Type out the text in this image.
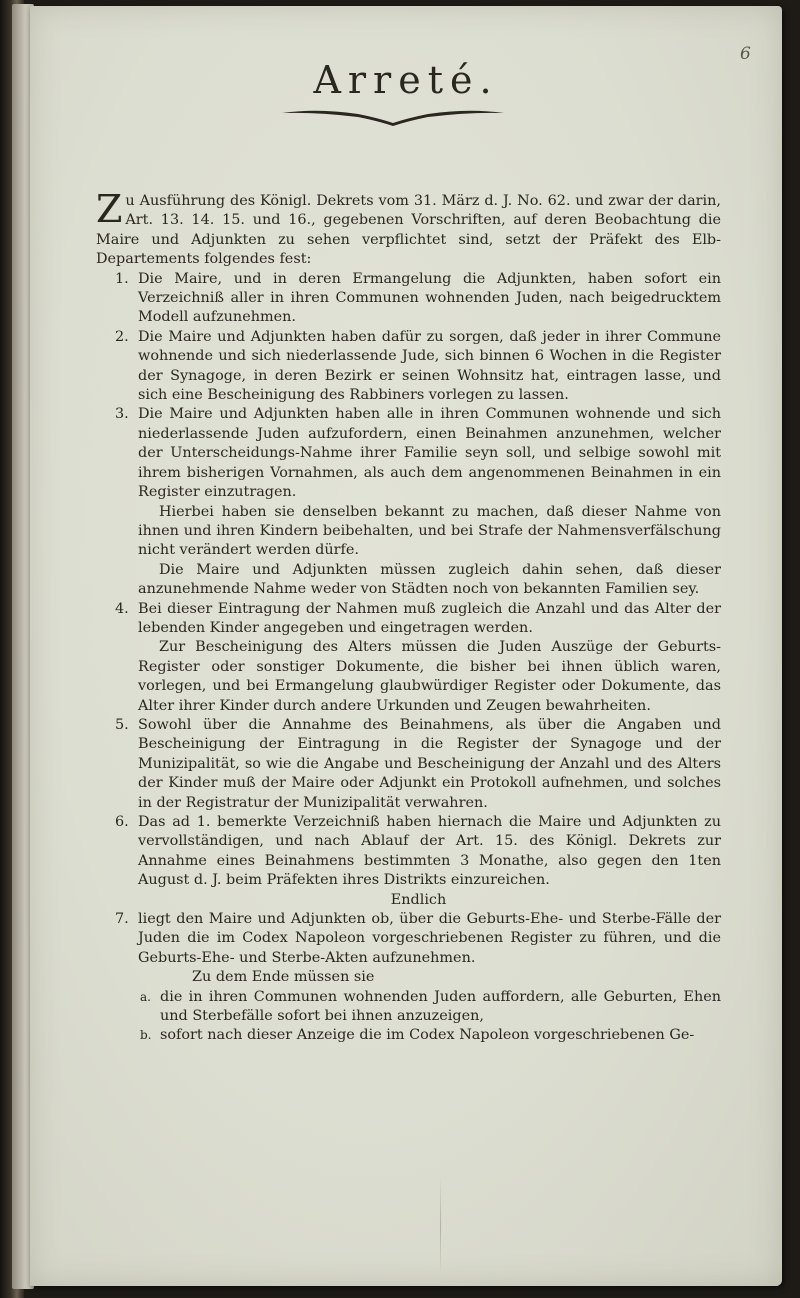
6
Arreté.

Zu Ausführung des Königl. Dekrets vom 31. März d. J. No. 62. und zwar der darin, Art. 13. 14. 15. und 16., gegebenen Vorschriften, auf deren Beobachtung die Maire und Adjunkten zu sehen verpflichtet sind, setzt der Präfekt des Elb-Departements folgendes fest:

1. Die Maire, und in deren Ermangelung die Adjunkten, haben sofort ein Verzeichniß aller in ihren Communen wohnenden Juden, nach beigedrucktem Modell aufzunehmen.

2. Die Maire und Adjunkten haben dafür zu sorgen, daß jeder in ihrer Commune wohnende und sich niederlassende Jude, sich binnen 6 Wochen in die Register der Synagoge, in deren Bezirk er seinen Wohnsitz hat, eintragen lasse, und sich eine Bescheinigung des Rabbiners vorlegen zu lassen.

3. Die Maire und Adjunkten haben alle in ihren Communen wohnende und sich niederlassende Juden aufzufordern, einen Beinahmen anzunehmen, welcher der Unterscheidungs-Nahme ihrer Familie seyn soll, und selbige sowohl mit ihrem bisherigen Vornahmen, als auch dem angenommenen Beinahmen in ein Register einzutragen.

Hierbei haben sie denselben bekannt zu machen, daß dieser Nahme von ihnen und ihren Kindern beibehalten, und bei Strafe der Nahmensverfälschung nicht verändert werden dürfe.

Die Maire und Adjunkten müssen zugleich dahin sehen, daß dieser anzunehmende Nahme weder von Städten noch von bekannten Familien sey.

4. Bei dieser Eintragung der Nahmen muß zugleich die Anzahl und das Alter der lebenden Kinder angegeben und eingetragen werden.

Zur Bescheinigung des Alters müssen die Juden Auszüge der Geburts-Register oder sonstiger Dokumente, die bisher bei ihnen üblich waren, vorlegen, und bei Ermangelung glaubwürdiger Register oder Dokumente, das Alter ihrer Kinder durch andere Urkunden und Zeugen bewahrheiten.

5. Sowohl über die Annahme des Beinahmens, als über die Angaben und Bescheinigung der Eintragung in die Register der Synagoge und der Munizipalität, so wie die Angabe und Bescheinigung der Anzahl und des Alters der Kinder muß der Maire oder Adjunkt ein Protokoll aufnehmen, und solches in der Registratur der Munizipalität verwahren.

6. Das ad 1. bemerkte Verzeichniß haben hiernach die Maire und Adjunkten zu vervollständigen, und nach Ablauf der Art. 15. des Königl. Dekrets zur Annahme eines Beinahmens bestimmten 3 Monathe, also gegen den 1ten August d. J. beim Präfekten ihres Distrikts einzureichen.

Endlich

7. liegt den Maire und Adjunkten ob, über die Geburts-Ehe- und Sterbe-Fälle der Juden die im Codex Napoleon vorgeschriebenen Register zu führen, und die Geburts-Ehe- und Sterbe-Akten aufzunehmen.

Zu dem Ende müssen sie

a. die in ihren Communen wohnenden Juden auffordern, alle Geburten, Ehen und Sterbefälle sofort bei ihnen anzuzeigen,

b. sofort nach dieser Anzeige die im Codex Napoleon vorgeschriebenen Ge-
